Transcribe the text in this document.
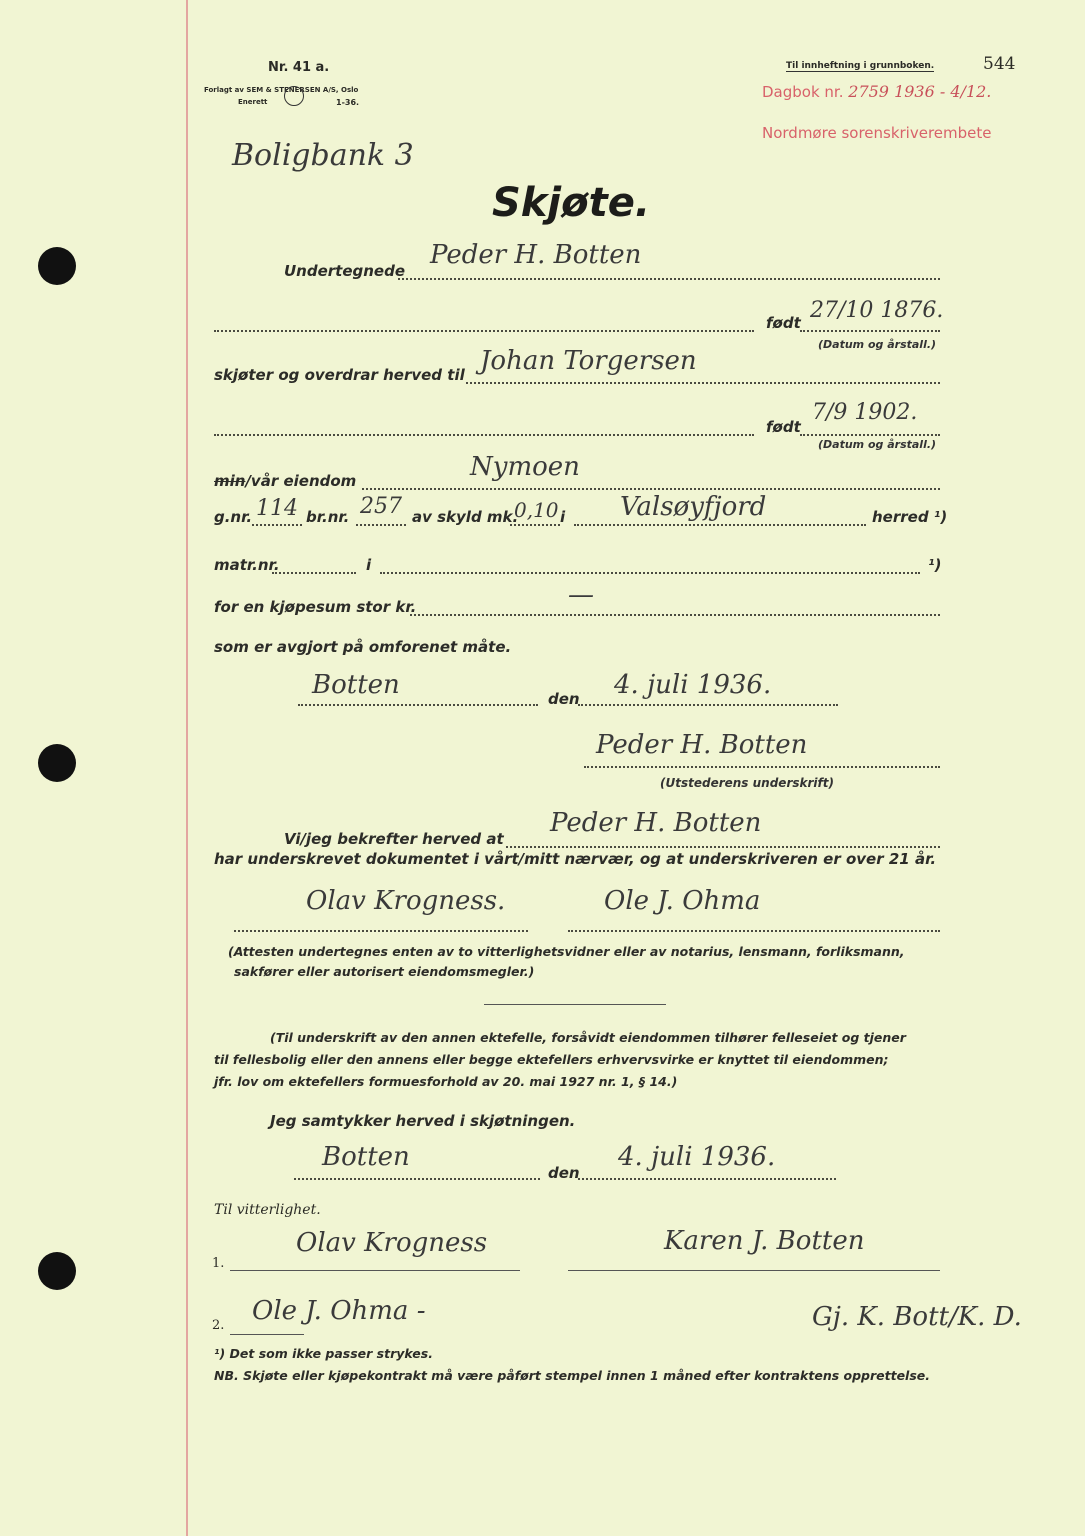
Nr. 41 a.
Forlagt av SEM & STENERSEN A/S, Oslo
Enerett	1-36.
Til innheftning i grunnboken.	544
Dagbok nr. 2759 1936 - 4/12.
Nordmøre sorenskriverembete
Boligbank 3
Skjøte.
Undertegnede
Peder H. Botten
født 27/10 1876.
(Datum og årstall.)
skjøter og overdrar herved til Johan Torgersen
født
7/9 1902.
(Datum og årstall.)
min/vår eiendom	Nymoen
g.nr. 114 br.nr. 257 av skyld mk.
0,10 i Valsøyfjord	herred ¹)
matr.nr.	i	¹)
for en kjøpesum stor kr.	—
som er avgjort på omforenet måte.
Botten	den 4. juli 1936.
Peder H. Botten
(Utstederens underskrift)
Vi/jeg bekrefter herved at
Peder H. Botten
har underskrevet dokumentet i vårt/mitt nærvær, og at underskriveren er over 21 år.
Olav Krogness.	Ole J. Ohma
(Attesten undertegnes enten av to vitterlighetsvidner eller av notarius, lensmann, forliksmann,
sakfører eller autorisert eiendomsmegler.)
(Til underskrift av den annen ektefelle, forsåvidt eiendommen tilhører felleseiet og tjener
til fellesbolig eller den annens eller begge ektefellers erhvervsvirke er knyttet til eiendommen;
jfr. lov om ektefellers formuesforhold av 20. mai 1927 nr. 1, § 14.)
Jeg samtykker herved i skjøtningen.
Botten
den
4. juli 1936.
Til vitterlighet.
1.
Olav Krogness	Karen J. Botten
2. Ole J. Ohma -	Gj. K. Bott/K. D.
¹) Det som ikke passer strykes.
NB. Skjøte eller kjøpekontrakt må være påført stempel innen 1 måned efter kontraktens opprettelse.
